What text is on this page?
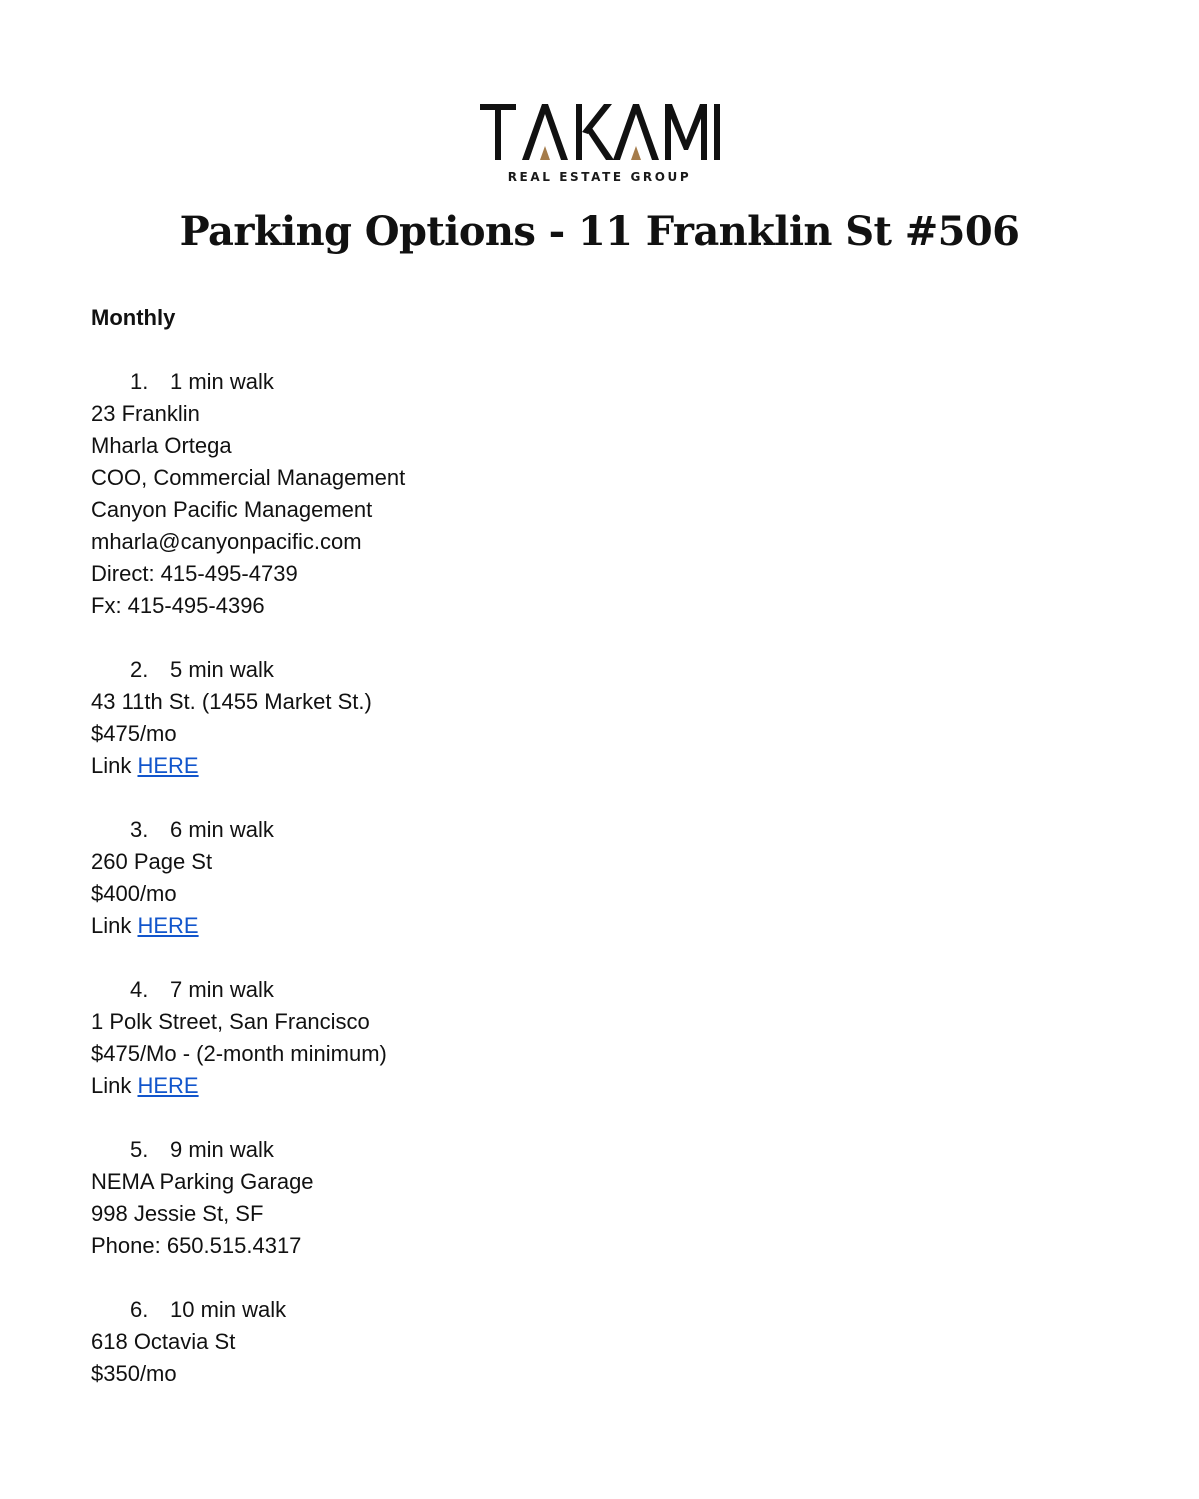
REAL ESTATE GROUP
Parking Options - 11 Franklin St #506

Monthly

1. 1 min walk

23 Franklin

Mharla Ortega

COO, Commercial Management

Canyon Pacific Management

mharla@canyonpacific.com

Direct: 415-495-4739

Fx: 415-495-4396

2. 5 min walk

43 11th St. (1455 Market St.)

$475/mo

Link HERE

3. 6 min walk

260 Page St

$400/mo

Link HERE

4. 7 min walk

1 Polk Street, San Francisco

$475/Mo - (2-month minimum)

Link HERE

5. 9 min walk

NEMA Parking Garage

998 Jessie St, SF

Phone: 650.515.4317

6. 10 min walk

618 Octavia St

$350/mo
